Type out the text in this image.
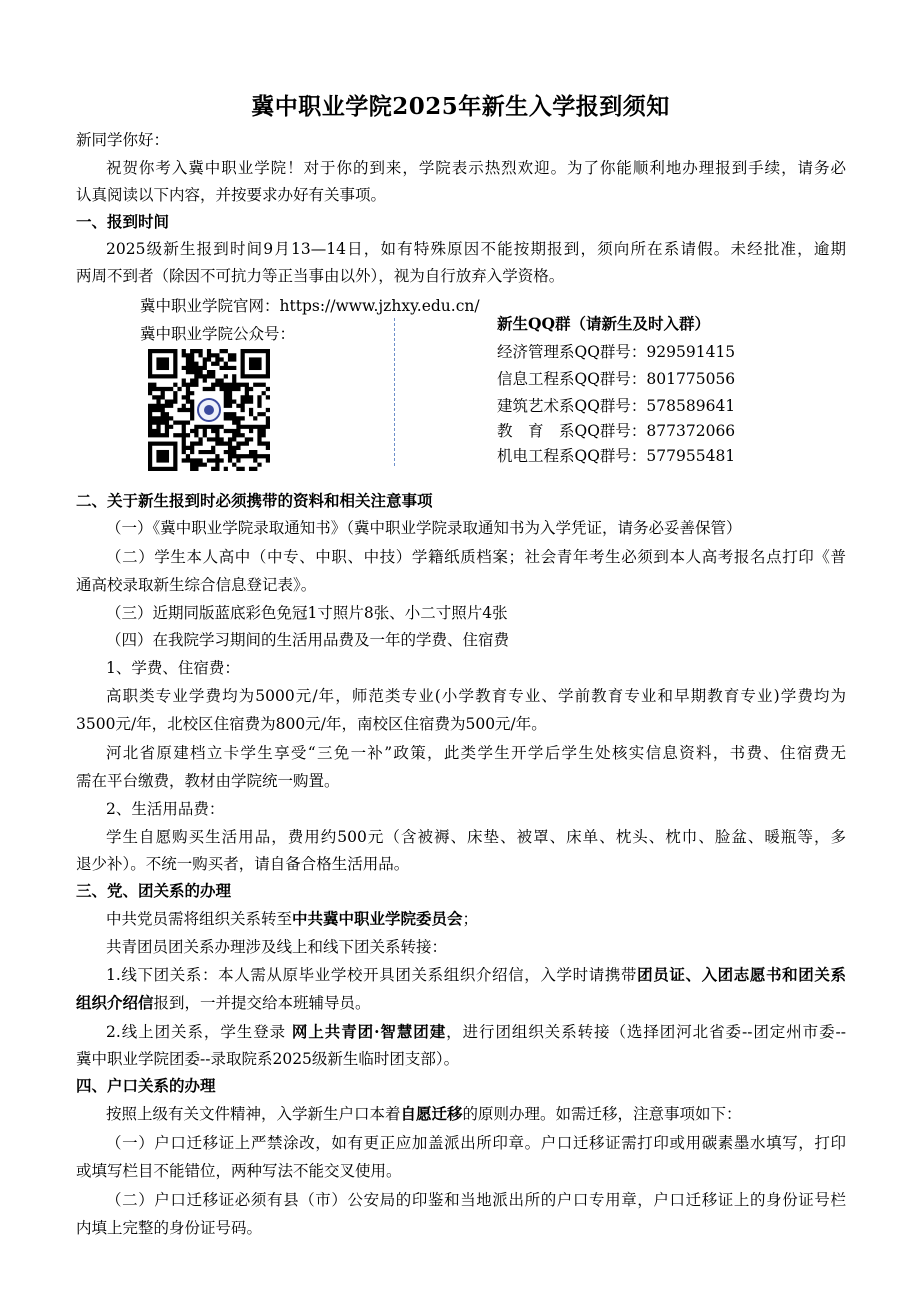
冀中职业学院2025年新生入学报到须知
新同学你好：
祝贺你考入冀中职业学院！对于你的到来，学院表示热烈欢迎。为了你能顺利地办理报到手续，请务必
认真阅读以下内容，并按要求办好有关事项。
一、报到时间
2025级新生报到时间9月13—14日，如有特殊原因不能按期报到，须向所在系请假。未经批准，逾期
两周不到者（除因不可抗力等正当事由以外），视为自行放弃入学资格。
冀中职业学院官网：https://www.jzhxy.edu.cn/
冀中职业学院公众号：
新生QQ群（请新生及时入群）
经济管理系QQ群号：929591415
信息工程系QQ群号：801775056
建筑艺术系QQ群号：578589641
教　育　系QQ群号：877372066
机电工程系QQ群号：577955481
二、关于新生报到时必须携带的资料和相关注意事项
（一）《冀中职业学院录取通知书》（冀中职业学院录取通知书为入学凭证，请务必妥善保管）
（二）学生本人高中（中专、中职、中技）学籍纸质档案；社会青年考生必须到本人高考报名点打印《普
通高校录取新生综合信息登记表》。
（三）近期同版蓝底彩色免冠1寸照片8张、小二寸照片4张
（四）在我院学习期间的生活用品费及一年的学费、住宿费
1、学费、住宿费：
高职类专业学费均为5000元/年，师范类专业(小学教育专业、学前教育专业和早期教育专业)学费均为
3500元/年，北校区住宿费为800元/年，南校区住宿费为500元/年。
河北省原建档立卡学生享受“三免一补”政策，此类学生开学后学生处核实信息资料，书费、住宿费无
需在平台缴费，教材由学院统一购置。
2、生活用品费：
学生自愿购买生活用品，费用约500元（含被褥、床垫、被罩、床单、枕头、枕巾、脸盆、暖瓶等，多
退少补）。不统一购买者，请自备合格生活用品。
三、党、团关系的办理
中共党员需将组织关系转至中共冀中职业学院委员会；
共青团员团关系办理涉及线上和线下团关系转接：
1.线下团关系：本人需从原毕业学校开具团关系组织介绍信，入学时请携带团员证、入团志愿书和团关系
组织介绍信报到，一并提交给本班辅导员。
2.线上团关系，学生登录 网上共青团·智慧团建，进行团组织关系转接（选择团河北省委--团定州市委--
冀中职业学院团委--录取院系2025级新生临时团支部）。
四、户口关系的办理
按照上级有关文件精神，入学新生户口本着自愿迁移的原则办理。如需迁移，注意事项如下：
（一）户口迁移证上严禁涂改，如有更正应加盖派出所印章。户口迁移证需打印或用碳素墨水填写，打印
或填写栏目不能错位，两种写法不能交叉使用。
（二）户口迁移证必须有县（市）公安局的印鉴和当地派出所的户口专用章，户口迁移证上的身份证号栏
内填上完整的身份证号码。
